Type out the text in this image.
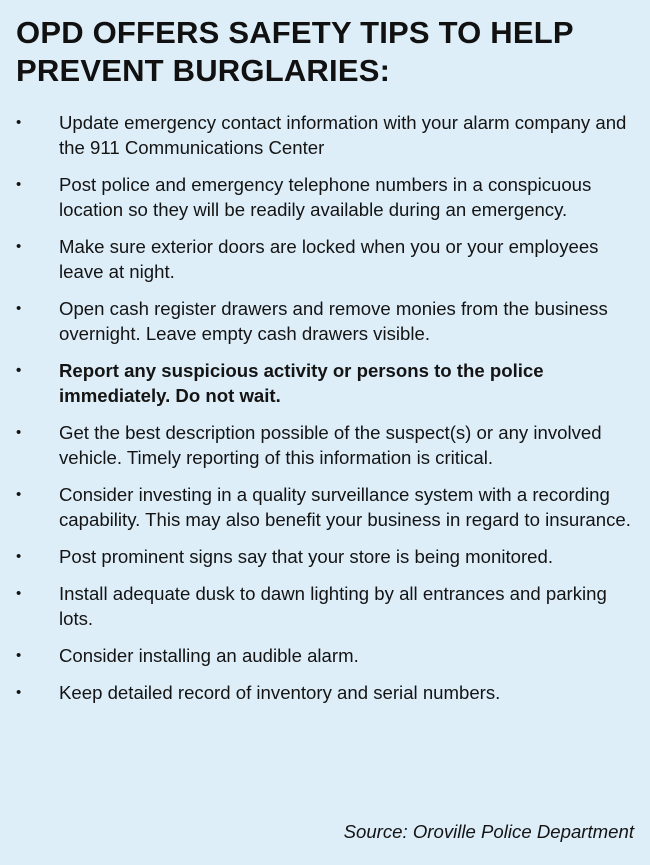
OPD OFFERS SAFETY TIPS TO HELP PREVENT BURGLARIES:
•	Update emergency contact information with your alarm company and the 911 Communications Center
•	Post police and emergency telephone numbers in a conspicuous location so they will be readily available during an emergency.
•	Make sure exterior doors are locked when you or your employees leave at night.
•	Open cash register drawers and remove monies from the business overnight. Leave empty cash drawers visible.
•	Report any suspicious activity or persons to the police immediately. Do not wait.
•	Get the best description possible of the suspect(s) or any involved vehicle. Timely reporting of this information is critical.
•	Consider investing in a quality surveillance system with a recording capability. This may also benefit your business in regard to insurance.
•	Post prominent signs say that your store is being monitored.
•	Install adequate dusk to dawn lighting by all entrances and parking lots.
•	Consider installing an audible alarm.
•	Keep detailed record of inventory and serial numbers.
Source: Oroville Police Department
